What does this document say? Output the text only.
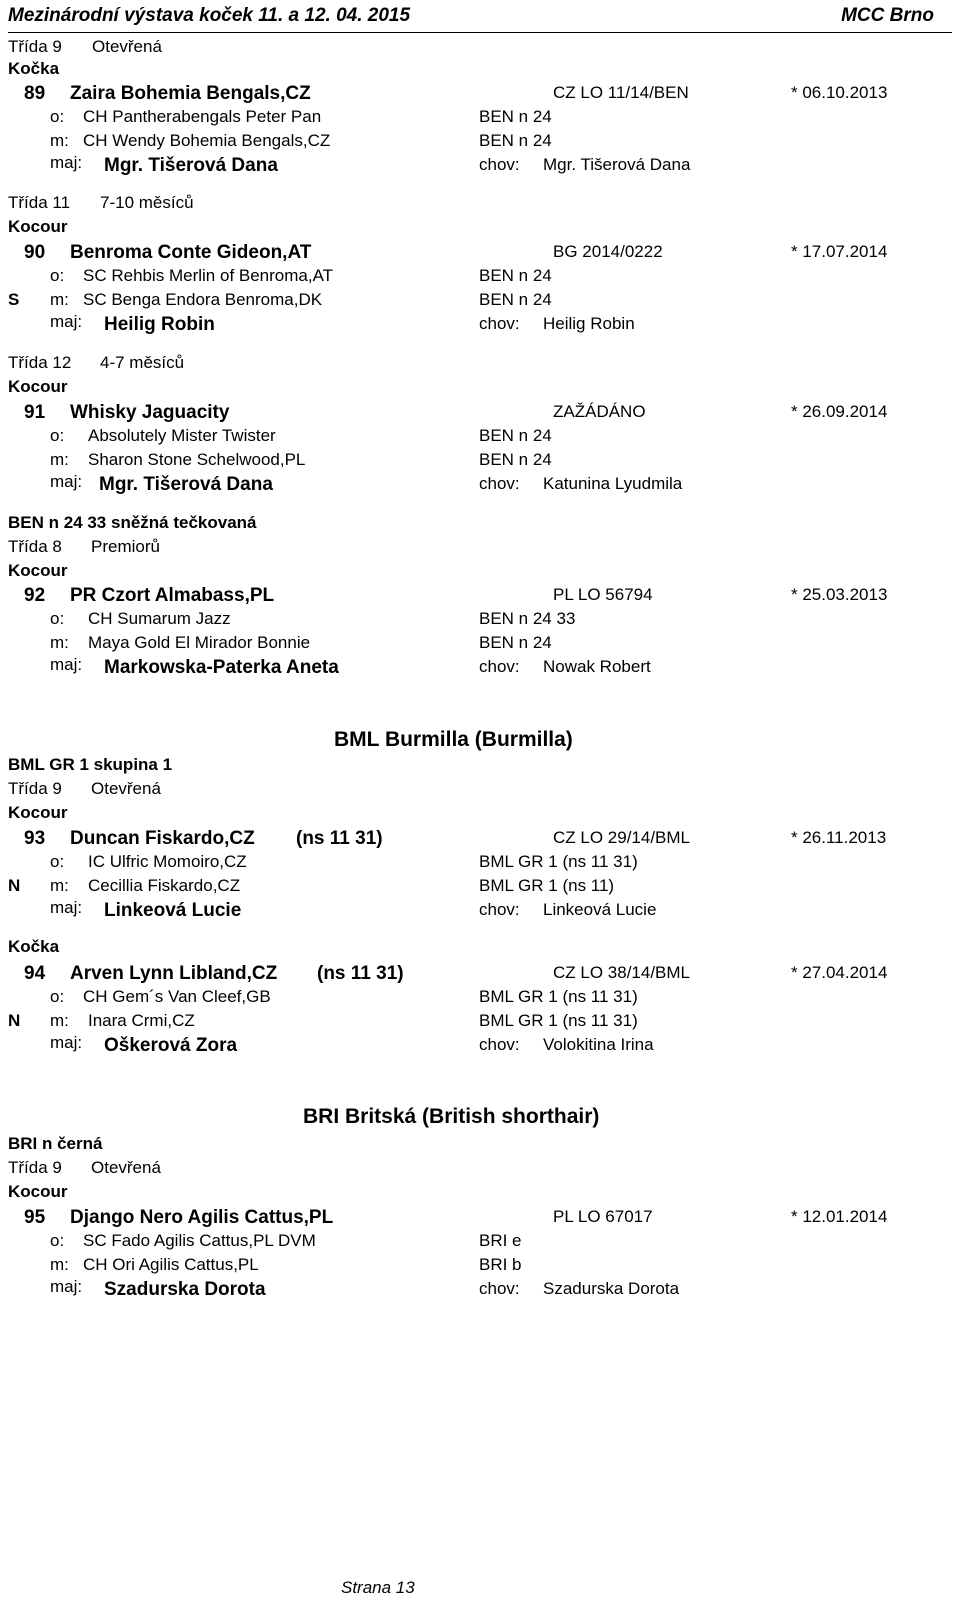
Mezinárodní výstava koček 11. a 12. 04. 2015	MCC Brno
Třída 9 Otevřená
Kočka
89 Zaira Bohemia Bengals,CZ	CZ LO 11/14/BEN	* 06.10.2013
o: CH Pantherabengals Peter Pan	BEN n 24
m: CH Wendy Bohemia Bengals,CZ	BEN n 24
maj: Mgr. Tišerová Dana	chov: Mgr. Tišerová Dana
Třída 11 7-10 měsíců
Kocour
90 Benroma Conte Gideon,AT	BG 2014/0222	* 17.07.2014
o: SC Rehbis Merlin of Benroma,AT	BEN n 24
S m: SC Benga Endora Benroma,DK	BEN n 24
maj: Heilig Robin	chov: Heilig Robin
Třída 12 4-7 měsíců
Kocour
91 Whisky Jaguacity	ZAŽÁDÁNO	* 26.09.2014
o: Absolutely Mister Twister	BEN n 24
m: Sharon Stone Schelwood,PL	BEN n 24
maj: Mgr. Tišerová Dana	chov: Katunina Lyudmila
BEN n 24 33 sněžná tečkovaná
Třída 8 Premiorů
Kocour
92 PR Czort Almabass,PL	PL LO 56794	* 25.03.2013
o: CH Sumarum Jazz	BEN n 24 33
m: Maya Gold El Mirador Bonnie	BEN n 24
maj: Markowska-Paterka Aneta	chov: Nowak Robert
BML Burmilla (Burmilla)
BML GR 1 skupina 1
Třída 9 Otevřená
Kocour
93 Duncan Fiskardo,CZ (ns 11 31)	CZ LO 29/14/BML	* 26.11.2013
o: IC Ulfric Momoiro,CZ	BML GR 1 (ns 11 31)
N m: Cecillia Fiskardo,CZ	BML GR 1 (ns 11)
maj: Linkeová Lucie	chov: Linkeová Lucie
Kočka
94 Arven Lynn Libland,CZ (ns 11 31)	CZ LO 38/14/BML	* 27.04.2014
o: CH Gem´s Van Cleef,GB	BML GR 1 (ns 11 31)
N m: Inara Crmi,CZ	BML GR 1 (ns 11 31)
maj: Oškerová Zora	chov: Volokitina Irina
BRI Britská (British shorthair)
BRI n černá
Třída 9 Otevřená
Kocour
95 Django Nero Agilis Cattus,PL	PL LO 67017	* 12.01.2014
o: SC Fado Agilis Cattus,PL DVM	BRI e
m: CH Ori Agilis Cattus,PL	BRI b
maj: Szadurska Dorota	chov: Szadurska Dorota
Strana 13
